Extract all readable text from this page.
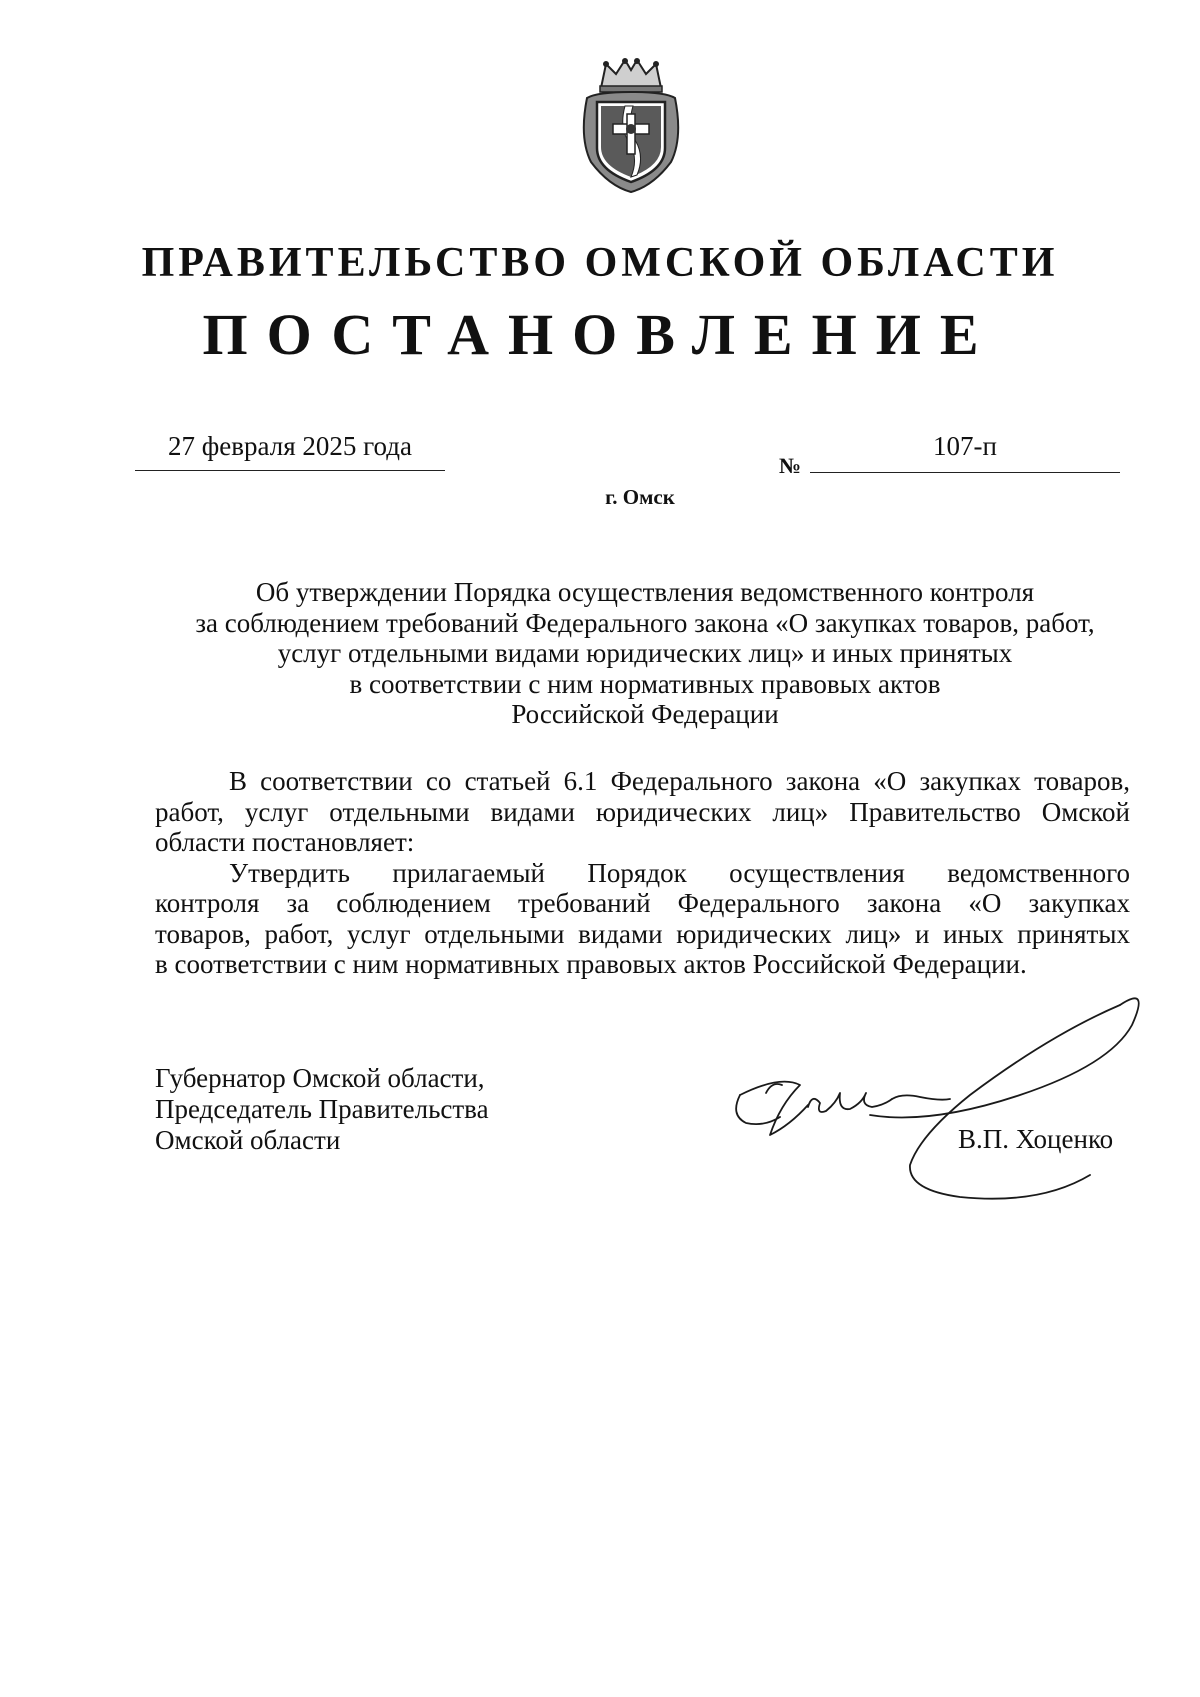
ПРАВИТЕЛЬСТВО ОМСКОЙ ОБЛАСТИ
ПОСТАНОВЛЕНИЕ
27 февраля 2025 года
№
107-п
г. Омск
Об утверждении Порядка осуществления ведомственного контроля
за соблюдением требований Федерального закона «О закупках товаров, работ,
услуг отдельными видами юридических лиц» и иных принятых
в соответствии с ним нормативных правовых актов
Российской Федерации
В соответствии со статьей 6.1 Федерального закона «О закупках товаров,
работ, услуг отдельными видами юридических лиц» Правительство Омской
области постановляет:
Утвердить прилагаемый Порядок осуществления ведомственного
контроля за соблюдением требований Федерального закона «О закупках
товаров, работ, услуг отдельными видами юридических лиц» и иных принятых
в соответствии с ним нормативных правовых актов Российской Федерации.
Губернатор Омской области,
Председатель Правительства
Омской области	В.П. Хоценко
